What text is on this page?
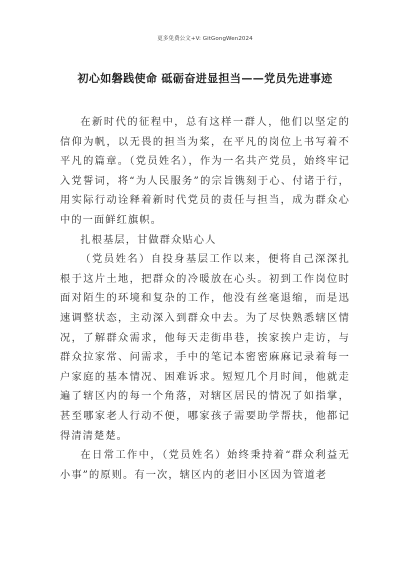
更多免费公文+V: GitGongWen2024
初心如磐践使命 砥砺奋进显担当——党员先进事迹

在新时代的征程中，总有这样一群人，他们以坚定的信仰为帆，以无畏的担当为桨，在平凡的岗位上书写着不平凡的篇章。（党员姓名），作为一名共产党员，始终牢记入党誓词，将“为人民服务”的宗旨镌刻于心、付诸于行，用实际行动诠释着新时代党员的责任与担当，成为群众心中的一面鲜红旗帜。

扎根基层，甘做群众贴心人

（党员姓名）自投身基层工作以来，便将自己深深扎根于这片土地，把群众的冷暖放在心头。初到工作岗位时面对陌生的环境和复杂的工作，他没有丝毫退缩，而是迅速调整状态，主动深入到群众中去。为了尽快熟悉辖区情况，了解群众需求，他每天走街串巷，挨家挨户走访，与群众拉家常、问需求，手中的笔记本密密麻麻记录着每一户家庭的基本情况、困难诉求。短短几个月时间，他就走遍了辖区内的每一个角落，对辖区居民的情况了如指掌，甚至哪家老人行动不便，哪家孩子需要助学帮扶，他都记得清清楚楚。

在日常工作中，（党员姓名）始终秉持着“群众利益无小事”的原则。有一次，辖区内的老旧小区因为管道老
